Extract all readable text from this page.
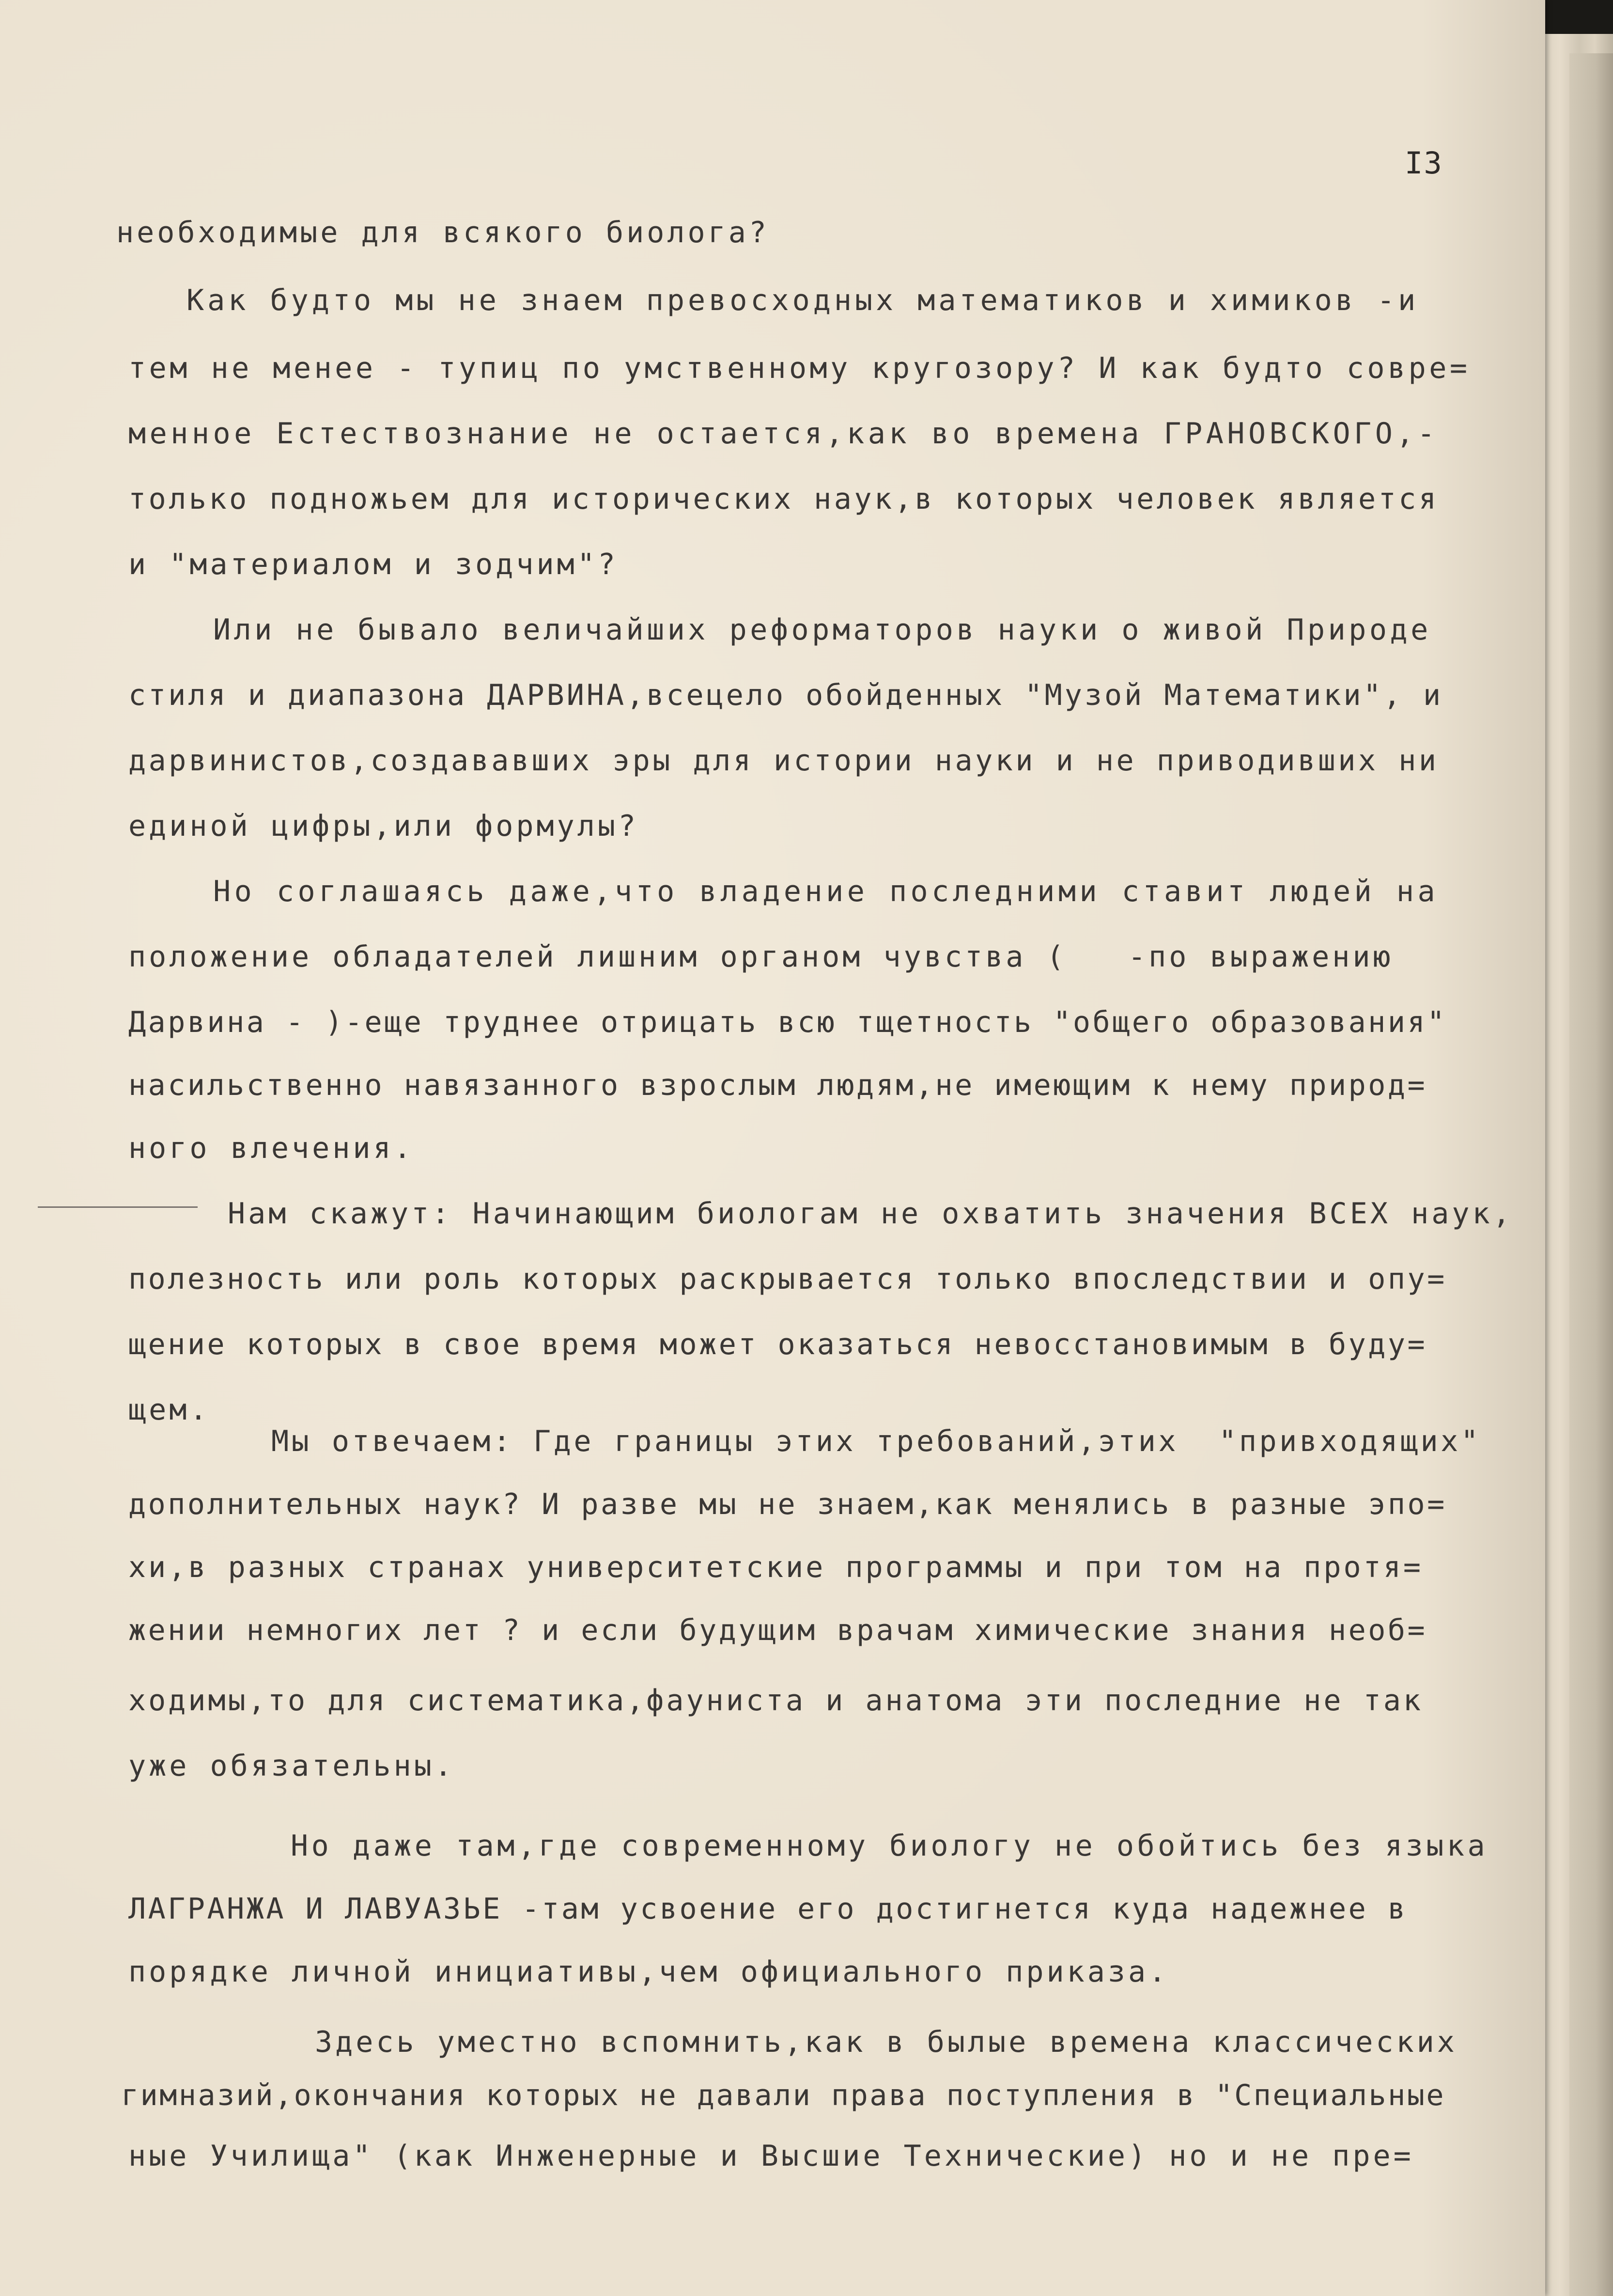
I3
необходимые для всякого биолога?
Как будто мы не знаем превосходных математиков и химиков -и
тем не менее - тупиц по умственному кругозору? И как будто совре=
менное Естествознание не остается,как во времена ГРАНОВСКОГО,-
только подножьем для исторических наук,в которых человек является
и "материалом и зодчим"?
Или не бывало величайших реформаторов науки о живой Природе
стиля и диапазона ДАРВИНА,всецело обойденных "Музой Математики", и
дарвинистов,создававших эры для истории науки и не приводивших ни
единой цифры,или формулы?
Но соглашаясь даже,что владение последними ставит людей на
положение обладателей лишним органом чувства (   -по выражению
Дарвина - )-еще труднее отрицать всю тщетность "общего образования"
насильственно навязанного взрослым людям,не имеющим к нему природ=
ного влечения.
Нам скажут: Начинающим биологам не охватить значения ВСЕХ наук,
полезность или роль которых раскрывается только впоследствии и опу=
щение которых в свое время может оказаться невосстановимым в буду=
щем.
Мы отвечаем: Где границы этих требований,этих  "привходящих"
дополнительных наук? И разве мы не знаем,как менялись в разные эпо=
хи,в разных странах университетские программы и при том на протя=
жении немногих лет ? и если будущим врачам химические знания необ=
ходимы,то для систематика,фауниста и анатома эти последние не так
уже обязательны.
Но даже там,где современному биологу не обойтись без языка
ЛАГРАНЖА И ЛАВУАЗЬЕ -там усвоение его достигнется куда надежнее в
порядке личной инициативы,чем официального приказа.
Здесь уместно вспомнить,как в былые времена классических
гимназий,окончания которых не давали права поступления в "Специальные
ные Училища" (как Инженерные и Высшие Технические) но и не пре=
